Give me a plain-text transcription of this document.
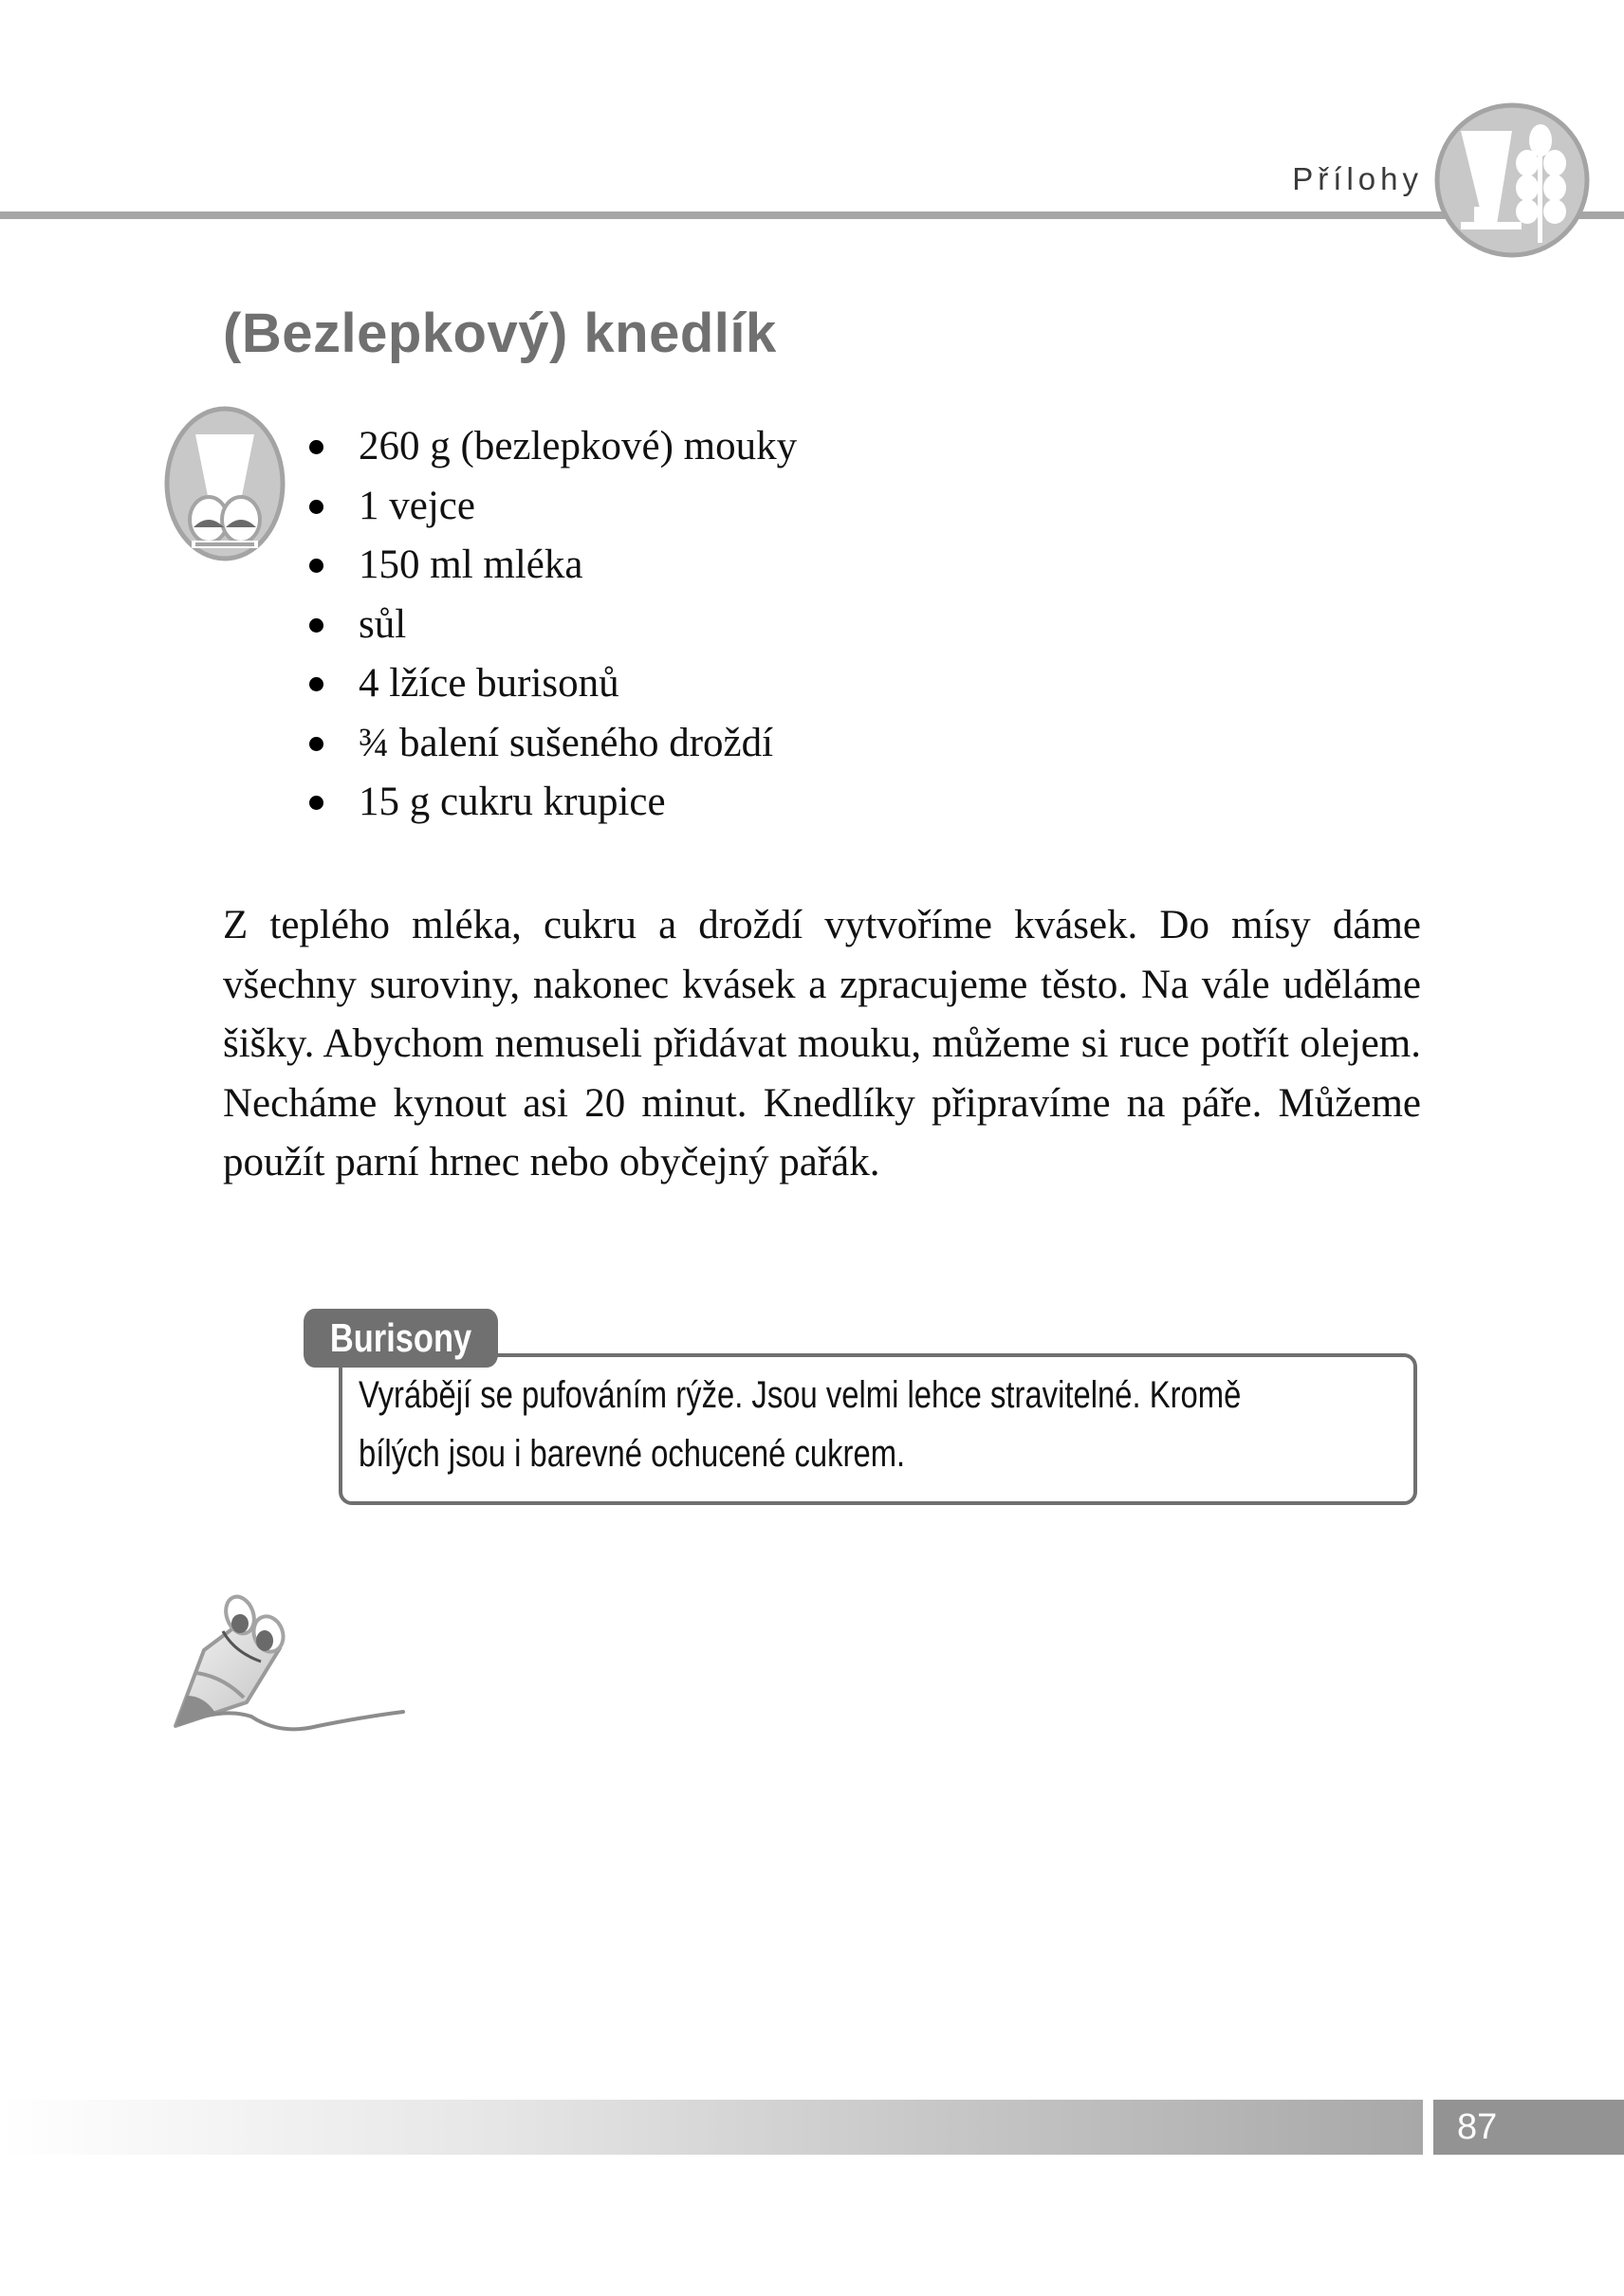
Přílohy
(Bezlepkový) knedlík
260 g (bezlepkové) mouky
1 vejce
150 ml mléka
sůl
4 lžíce burisonů
¾ balení sušeného droždí
15 g cukru krupice

Z teplého mléka, cukru a droždí vytvoříme kvásek. Do mísy dáme všechny suroviny, nakonec kvásek a zpracujeme těsto. Na vále uděláme šišky. Abychom nemuseli přidávat mouku, můžeme si ruce potřít olejem. Necháme kynout asi 20 minut. Knedlíky připravíme na páře. Můžeme použít parní hrnec nebo obyčejný pařák.

Burisony
Vyrábějí se pufováním rýže. Jsou velmi lehce stravitelné. Kromě
bílých jsou i barevné ochucené cukrem.
87
